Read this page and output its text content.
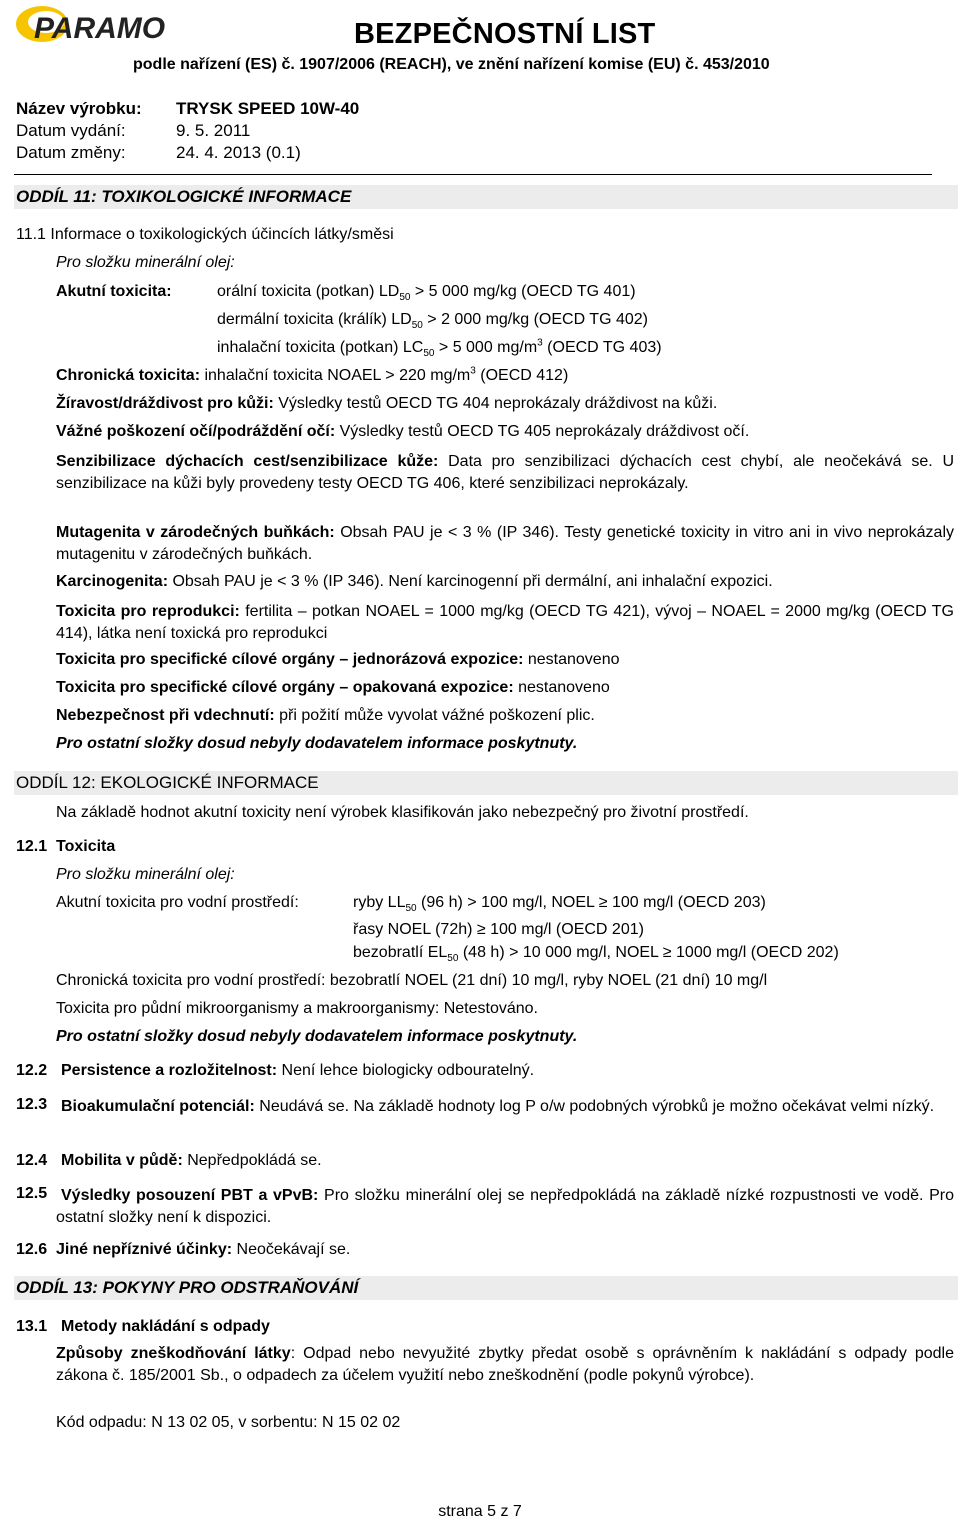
PARAMO	BEZPEČNOSTNÍ LIST
podle nařízení (ES) č. 1907/2006 (REACH), ve znění nařízení komise (EU) č. 453/2010
Název výrobku: TRYSK SPEED 10W-40
Datum vydání:	9. 5. 2011
Datum změny:	24. 4. 2013 (0.1)
ODDÍL 11: TOXIKOLOGICKÉ INFORMACE
11.1 Informace o toxikologických účincích látky/směsi
Pro složku minerální olej:
Akutní toxicita:	orální toxicita (potkan) $LD_{50} > 5$ 000 mg/kg (OECD TG 401)
dermální toxicita (králík) $LD_{50} > 2$ 000 mg/kg (OECD TG 402)
inhalační toxicita (potkan) $LC_{50} > 5$ 000 $mg/m^3$ (OECD TG 403)
Chronická toxicita: inhalační toxicita NOAEL > 220 $mg/m^3$ (OECD 412)
Žíravost/dráždivost pro kůži: Výsledky testů OECD TG 404 neprokázaly dráždivost na kůži.
Vážné poškození očí/podráždění očí: Výsledky testů OECD TG 405 neprokázaly dráždivost očí.
Senzibilizace dýchacích cest/senzibilizace kůže: Data pro senzibilizaci dýchacích cest chybí, ale neočekává se. U senzibilizace na kůži byly provedeny testy OECD TG 406, které senzibilizaci neprokázaly.
Mutagenita v zárodečných buňkách: Obsah PAU je < 3 % (IP 346). Testy genetické toxicity in vitro ani in vivo neprokázaly mutagenitu v zárodečných buňkách.
Karcinogenita: Obsah PAU je < 3 % (IP 346). Není karcinogenní při dermální, ani inhalační expozici.
Toxicita pro reprodukci: fertilita – potkan NOAEL = 1000 mg/kg (OECD TG 421), vývoj – NOAEL = 2000 mg/kg (OECD TG 414), látka není toxická pro reprodukci
Toxicita pro specifické cílové orgány – jednorázová expozice: nestanoveno
Toxicita pro specifické cílové orgány – opakovaná expozice: nestanoveno
Nebezpečnost při vdechnutí: při požití může vyvolat vážné poškození plic.
Pro ostatní složky dosud nebyly dodavatelem informace poskytnuty.
ODDÍL 12: EKOLOGICKÉ INFORMACE
Na základě hodnot akutní toxicity není výrobek klasifikován jako nebezpečný pro životní prostředí.
12.1 Toxicita
Pro složku minerální olej:
Akutní toxicita pro vodní prostředí:	ryby $LL_{50}$ (96 h) > 100 mg/l, NOEL ≥ 100 mg/l (OECD 203)
řasy NOEL (72h) ≥ 100 mg/l (OECD 201)
bezobratlí $EL_{50}$ (48 h) > 10 000 mg/l, NOEL ≥ 1000 mg/l (OECD 202)
Chronická toxicita pro vodní prostředí: bezobratlí NOEL (21 dní) 10 mg/l, ryby NOEL (21 dní) 10 mg/l
Toxicita pro půdní mikroorganismy a makroorganismy: Netestováno.
Pro ostatní složky dosud nebyly dodavatelem informace poskytnuty.
12.2 Persistence a rozložitelnost: Není lehce biologicky odbouratelný.
12.3 Bioakumulační potenciál: Neudává se. Na základě hodnoty log P o/w podobných výrobků je možno očekávat velmi nízký.
12.4 Mobilita v půdě: Nepředpokládá se.
12.5 Výsledky posouzení PBT a vPvB: Pro složku minerální olej se nepředpokládá na základě nízké rozpustnosti ve vodě. Pro ostatní složky není k dispozici.
12.6 Jiné nepříznivé účinky: Neočekávají se.
ODDÍL 13: POKYNY PRO ODSTRAŇOVÁNÍ
13.1 Metody nakládání s odpady
Způsoby zneškodňování látky: Odpad nebo nevyužité zbytky předat osobě s oprávněním k nakládání s odpady podle zákona č. 185/2001 Sb., o odpadech za účelem využití nebo zneškodnění (podle pokynů výrobce).
Kód odpadu: N 13 02 05, v sorbentu: N 15 02 02
strana 5 z 7
